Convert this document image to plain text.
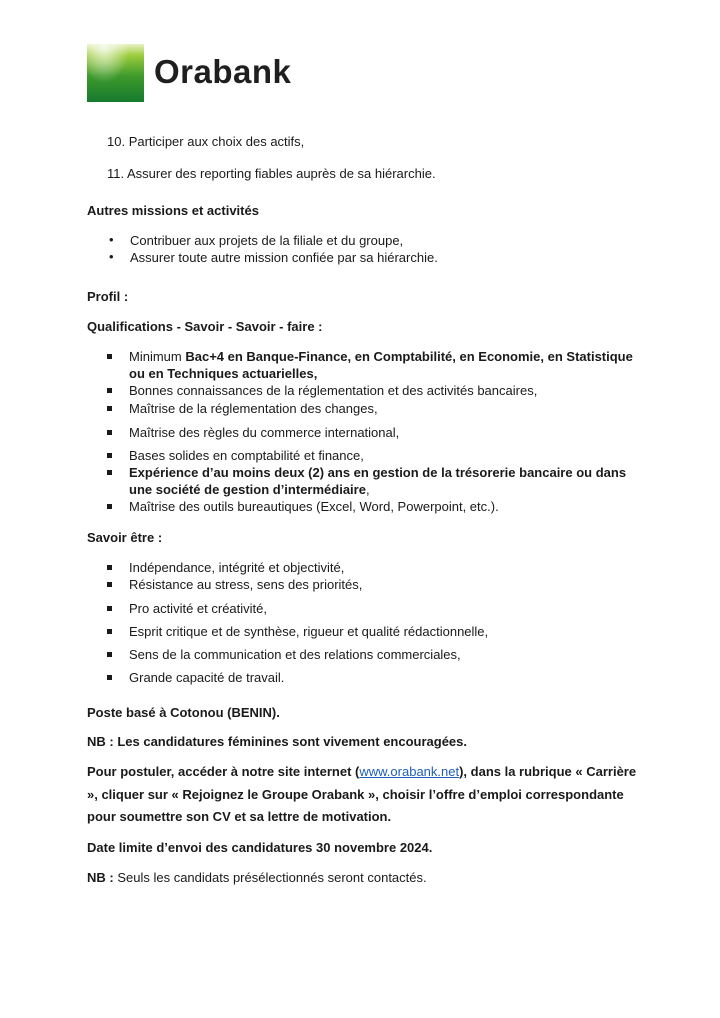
Orabank
10. Participer aux choix des actifs,
11. Assurer des reporting fiables auprès de sa hiérarchie.
Autres missions et activités
• Contribuer aux projets de la filiale et du groupe,
• Assurer toute autre mission confiée par sa hiérarchie.
Profil :
Qualifications - Savoir - Savoir - faire :
Minimum Bac+4 en Banque-Finance, en Comptabilité, en Economie, en Statistique
ou en Techniques actuarielles,
Bonnes connaissances de la réglementation et des activités bancaires,
Maîtrise de la réglementation des changes,
Maîtrise des règles du commerce international,
Bases solides en comptabilité et finance,
Expérience d’au moins deux (2) ans en gestion de la trésorerie bancaire ou dans
une société de gestion d’intermédiaire,
Maîtrise des outils bureautiques (Excel, Word, Powerpoint, etc.).
Savoir être :
Indépendance, intégrité et objectivité,
Résistance au stress, sens des priorités,
Pro activité et créativité,
Esprit critique et de synthèse, rigueur et qualité rédactionnelle,
Sens de la communication et des relations commerciales,
Grande capacité de travail.
Poste basé à Cotonou (BENIN).
NB : Les candidatures féminines sont vivement encouragées.
Pour postuler, accéder à notre site internet (www.orabank.net), dans la rubrique « Carrière », cliquer sur « Rejoignez le Groupe Orabank », choisir l’offre d’emploi correspondante pour soumettre son CV et sa lettre de motivation.
Date limite d’envoi des candidatures 30 novembre 2024.
NB : Seuls les candidats présélectionnés seront contactés.
